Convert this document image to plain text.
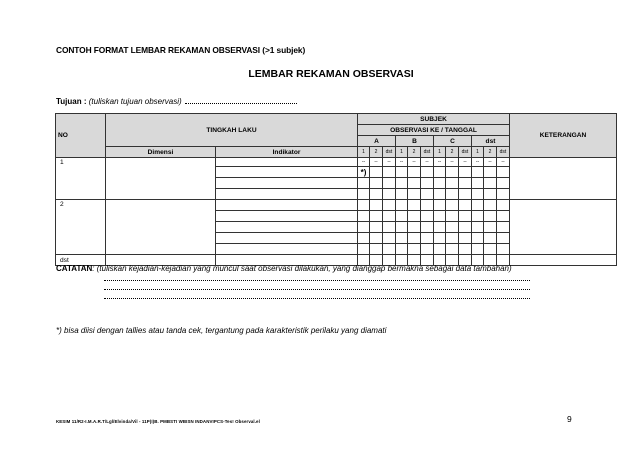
CONTOH FORMAT LEMBAR REKAMAN OBSERVASI (>1 subjek)
LEMBAR REKAMAN OBSERVASI
Tujuan : (tuliskan tujuan observasi)
NO	TINGKAH LAKU		SUBJEK												KETERANGAN
			OBSERVASI KE / TANGGAL												
			A			B			C			dst			
	Dimensi	Indikator	1	2	dst	1	2	dst	1	2	dst	1	2	dst	
1			--	--	--	--	--	--	--	--	--	--	--	--	
			*)												

2															

dst															
CATATAN: (tuliskan kejadian-kejadian yang muncul saat observasi dilakukan, yang dianggap bermakna sebagai data tambahan)
*) bisa diisi dengan tallies atau tanda cek, tergantung pada karakteristik perilaku yang diamati
KESIM 11/R2-I.M.A.R.T/Lgl/Elvinda/Vil - 11P(I)B. PMBSTI WBISN INDANVIPCS-Tes! Observal.el	9
